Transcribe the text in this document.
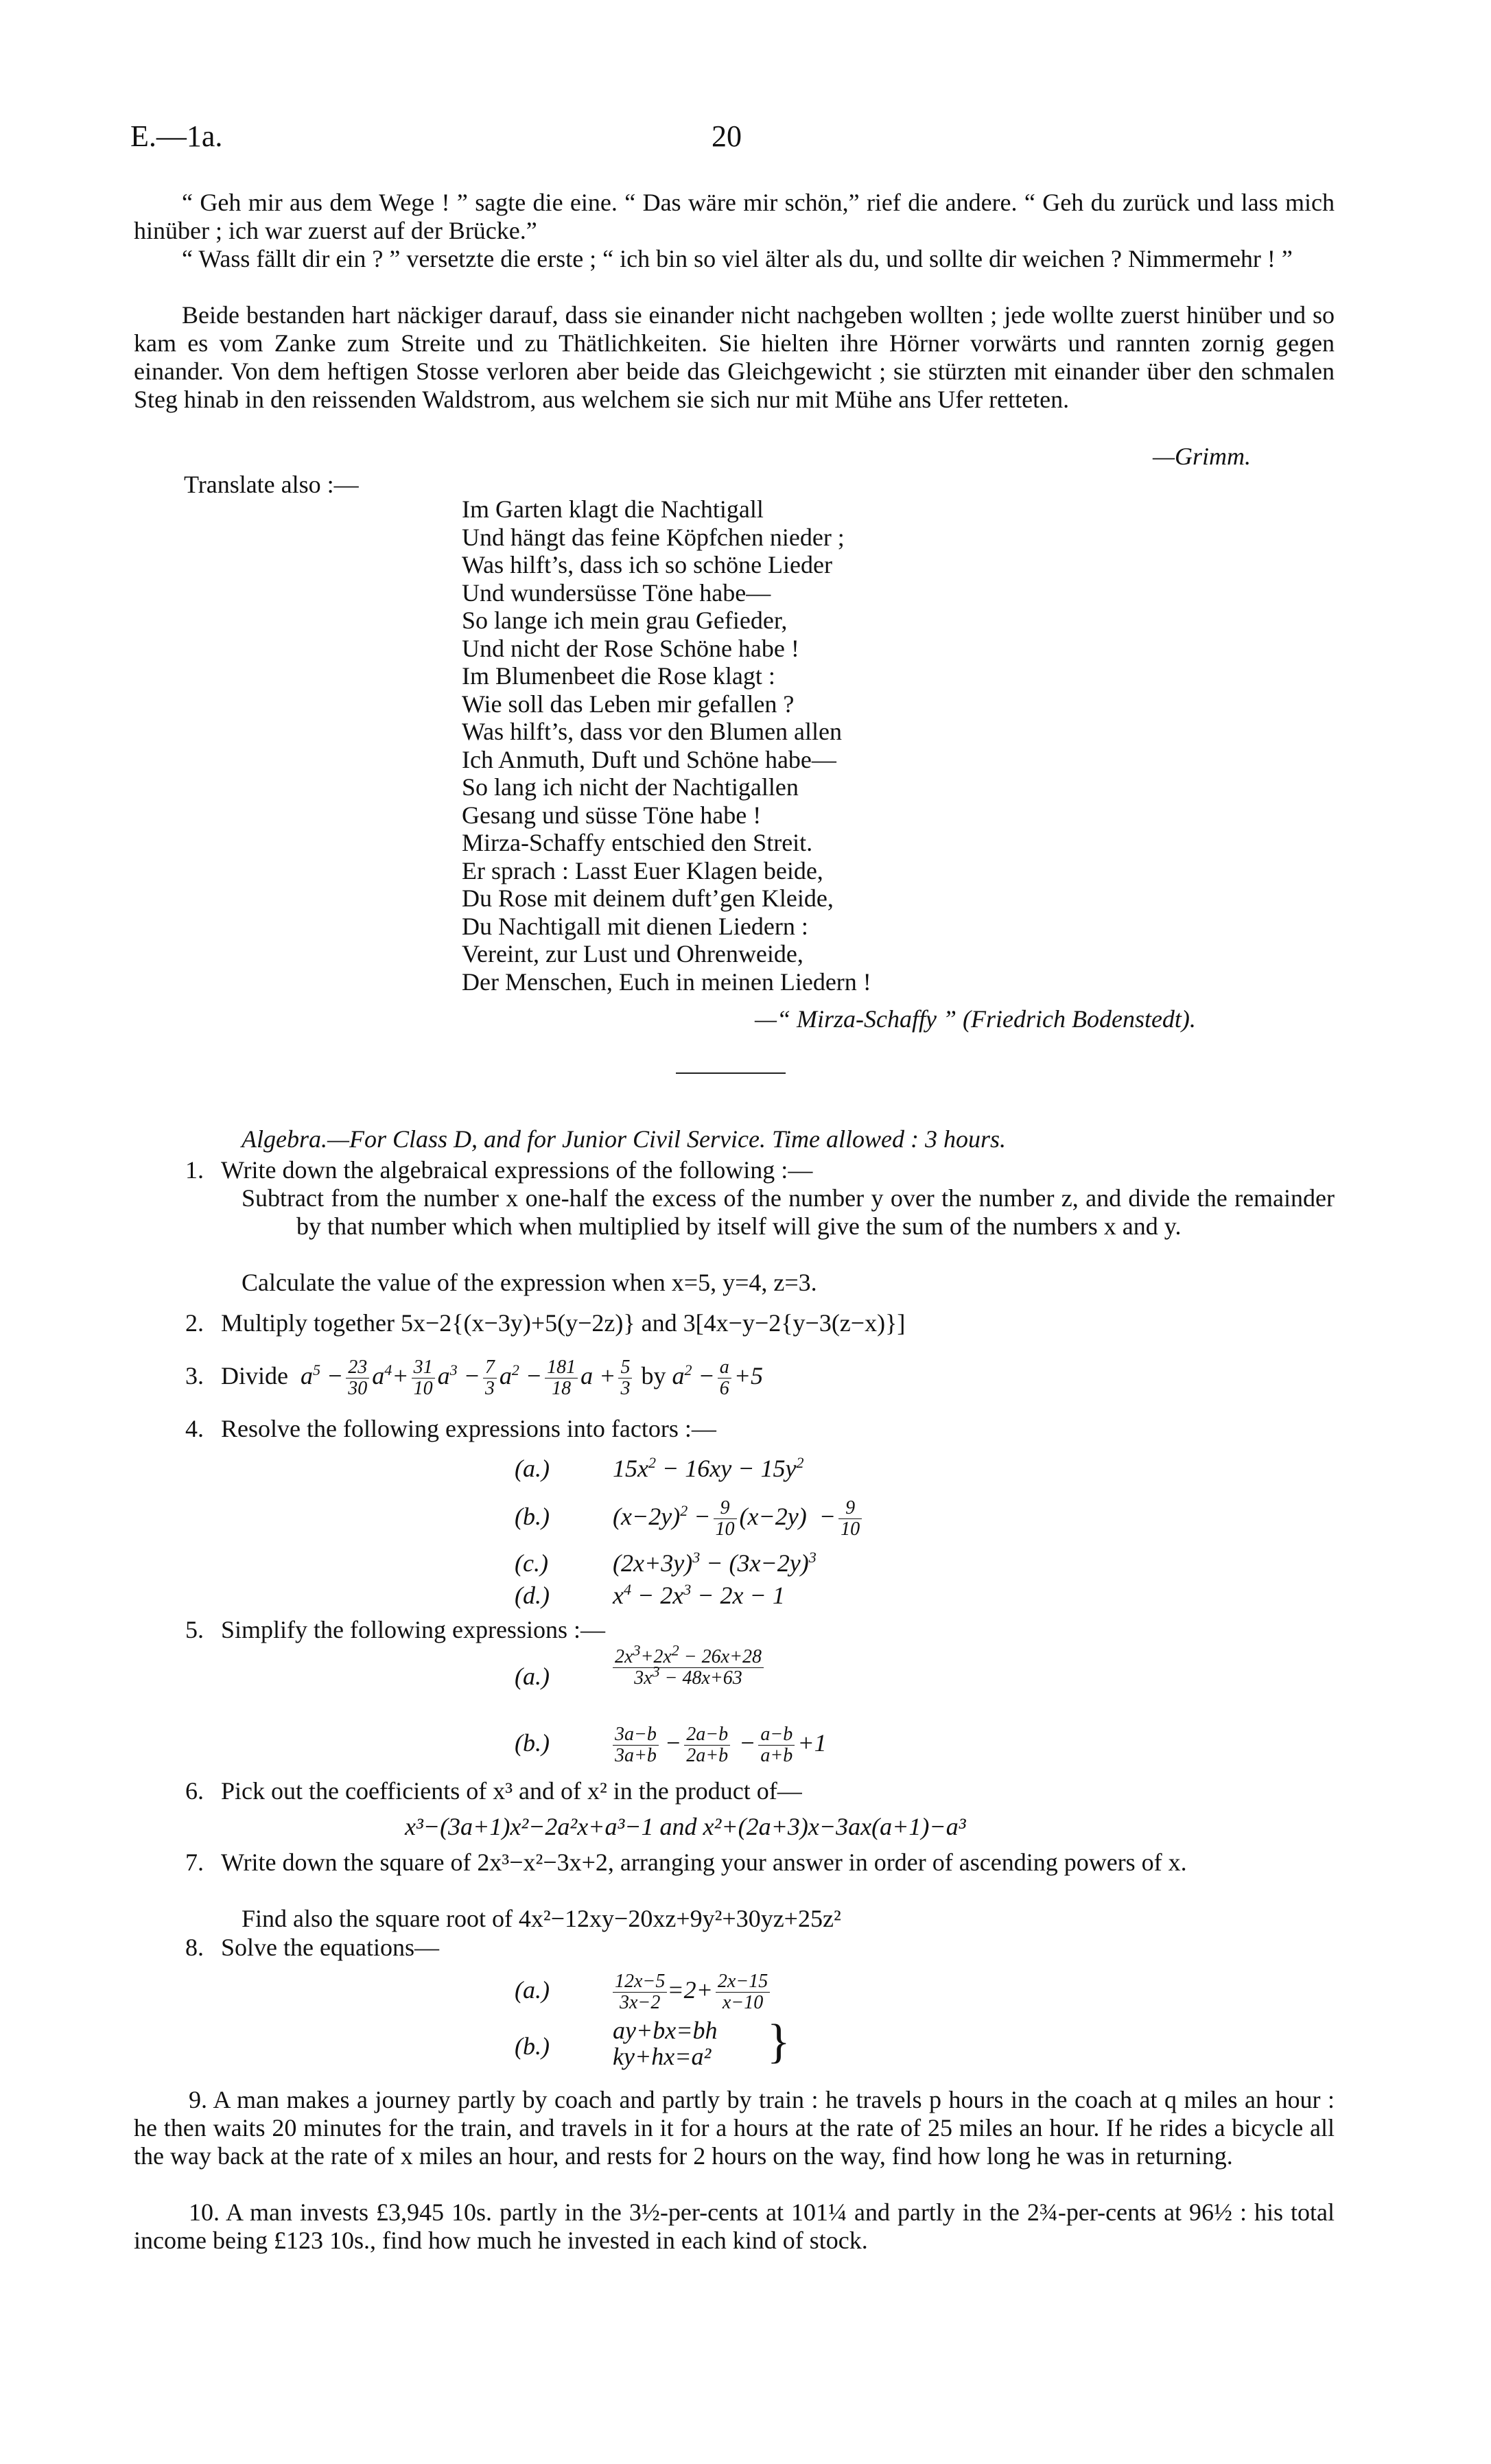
E.—1a.	20

“ Geh mir aus dem Wege ! ” sagte die eine. “ Das wäre mir schön,” rief die andere. “ Geh du zurück und lass mich hinüber ; ich war zuerst auf der Brücke.”

“ Wass fällt dir ein ? ” versetzte die erste ; “ ich bin so viel älter als du, und sollte dir weichen ? Nimmermehr ! ”

Beide bestanden hart näckiger darauf, dass sie einander nicht nachgeben wollten ; jede wollte zuerst hinüber und so kam es vom Zanke zum Streite und zu Thätlichkeiten. Sie hielten ihre Hörner vorwärts und rannten zornig gegen einander. Von dem heftigen Stosse verloren aber beide das Gleichgewicht ; sie stürzten mit einander über den schmalen Steg hinab in den reissenden Waldstrom, aus welchem sie sich nur mit Mühe ans Ufer retteten.

—Grimm.
Translate also :—
Im Garten klagt die Nachtigall
Und hängt das feine Köpfchen nieder ;
Was hilft’s, dass ich so schöne Lieder
Und wundersüsse Töne habe—
So lange ich mein grau Gefieder,
Und nicht der Rose Schöne habe !
Im Blumenbeet die Rose klagt :
Wie soll das Leben mir gefallen ?
Was hilft’s, dass vor den Blumen allen
Ich Anmuth, Duft und Schöne habe—
So lang ich nicht der Nachtigallen
Gesang und süsse Töne habe !
Mirza-Schaffy entschied den Streit.
Er sprach : Lasst Euer Klagen beide,
Du Rose mit deinem duft’gen Kleide,
Du Nachtigall mit dienen Liedern :
Vereint, zur Lust und Ohrenweide,
Der Menschen, Euch in meinen Liedern !
—“ Mirza-Schaffy ” (Friedrich Bodenstedt).
Algebra.—For Class D, and for Junior Civil Service. Time allowed : 3 hours.
1. Write down the algebraical expressions of the following :—
Subtract from the number x one-half the excess of the number y over the number z, and divide the remainder by that number which when multiplied by itself will give the sum of the numbers x and y.
Calculate the value of the expression when x=5, y=4, z=3.
2. Multiply together 5x−2{(x−3y)+5(y−2z)} and 3[4x−y−2{y−3(z−x)}]
3. Divide  $a^5 - \frac{23}{30} a^4+ \frac{31}{10} a^3 - \frac{7}{3} a^2 - \frac{181}{18}$ $a + \frac{5}{3}$ by $a^2 - \frac{a}{6} +5$
4. Resolve the following expressions into factors :—
(a.)	$15x^2 - 16xy - 15y^2$
(b.)	$(x-2y)^2 - \frac{9}{10} (x-2y) - \frac{9}{10}$
(c.)	$(2x+3y)^3 - (3x-2y)^3$
(d.)	$x^4 - 2x^3 - 2x - 1$
5. Simplify the following expressions :—
(a.)	$\frac{2x^3+2x^2 - 26x+28}{3x^3 - 48x+63}$
(b.)	$\frac{3a-b}{3a+b} - \frac{2a-b}{2a+b} - \frac{a-b}{a+b} +1$
6. Pick out the coefficients of x³ and of x² in the product of—
x³−(3a+1)x²−2a²x+a³−1 and x²+(2a+3)x−3ax(a+1)−a³
7. Write down the square of 2x³−x²−3x+2, arranging your answer in order of ascending powers of x.
Find also the square root of 4x²−12xy−20xz+9y²+30yz+25z²
8. Solve the equations—
(a.)	$\frac{12x-5}{3x-2} =2+ \frac{2x-15}{x-10}$
(b.)
ay+bx=bh
ky+hx=a² }

9. A man makes a journey partly by coach and partly by train : he travels p hours in the coach at q miles an hour : he then waits 20 minutes for the train, and travels in it for a hours at the rate of 25 miles an hour. If he rides a bicycle all the way back at the rate of x miles an hour, and rests for 2 hours on the way, find how long he was in returning.

10. A man invests £3,945 10s. partly in the 3½-per-cents at 101¼ and partly in the 2¾-per-cents at 96½ : his total income being £123 10s., find how much he invested in each kind of stock.
